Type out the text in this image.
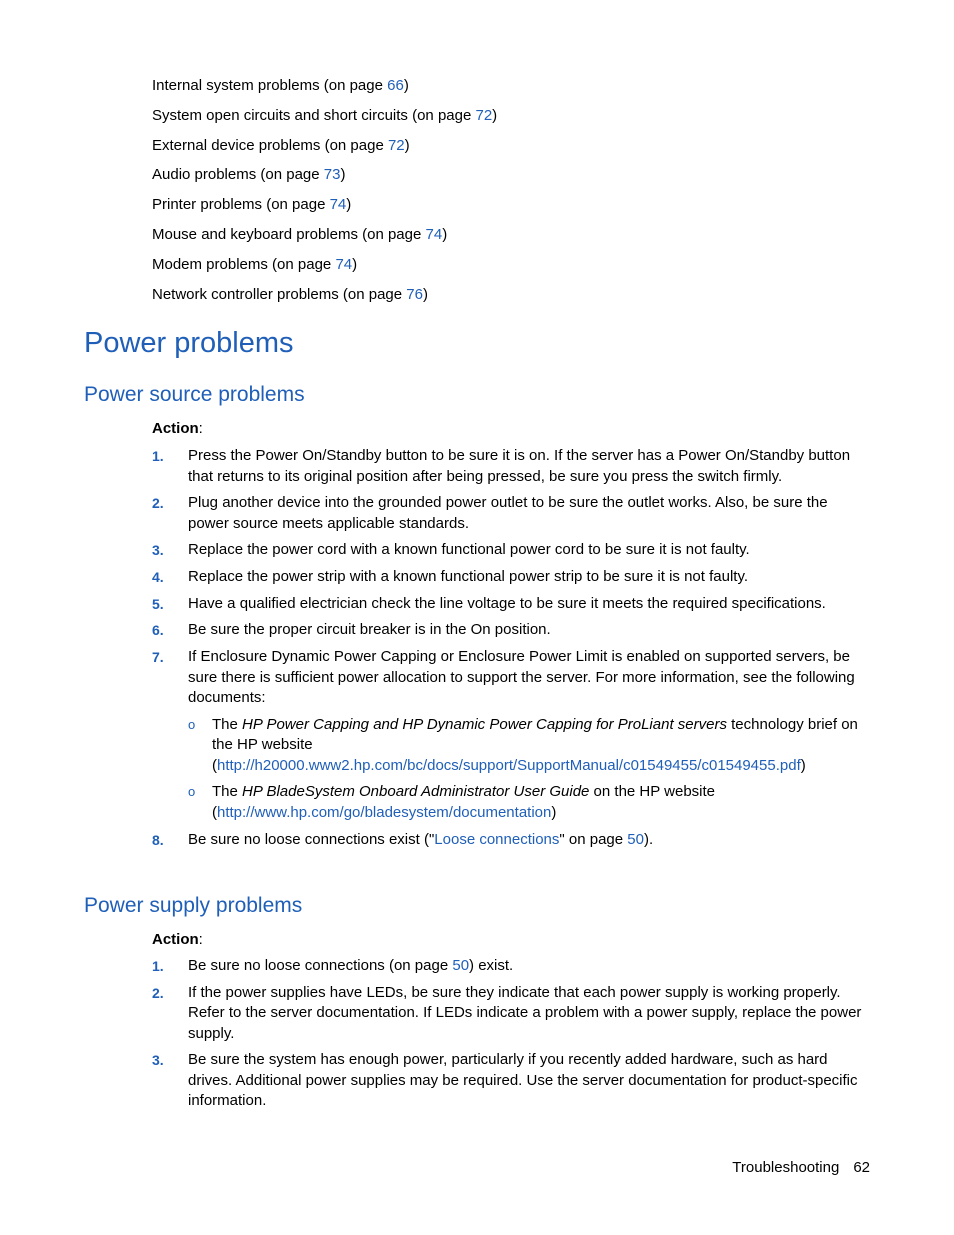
Internal system problems (on page 66)
System open circuits and short circuits (on page 72)
External device problems (on page 72)
Audio problems (on page 73)
Printer problems (on page 74)
Mouse and keyboard problems (on page 74)
Modem problems (on page 74)
Network controller problems (on page 76)
Power problems
Power source problems
Action:
1. Press the Power On/Standby button to be sure it is on. If the server has a Power On/Standby button that returns to its original position after being pressed, be sure you press the switch firmly.
2. Plug another device into the grounded power outlet to be sure the outlet works. Also, be sure the power source meets applicable standards.
3. Replace the power cord with a known functional power cord to be sure it is not faulty.
4. Replace the power strip with a known functional power strip to be sure it is not faulty.
5. Have a qualified electrician check the line voltage to be sure it meets the required specifications.
6. Be sure the proper circuit breaker is in the On position.
7. If Enclosure Dynamic Power Capping or Enclosure Power Limit is enabled on supported servers, be sure there is sufficient power allocation to support the server. For more information, see the following documents:
o The HP Power Capping and HP Dynamic Power Capping for ProLiant servers technology brief on the HP website
(http://h20000.www2.hp.com/bc/docs/support/SupportManual/c01549455/c01549455.pdf)
o The HP BladeSystem Onboard Administrator User Guide on the HP website
(http://www.hp.com/go/bladesystem/documentation)
8. Be sure no loose connections exist ("Loose connections" on page 50).
Power supply problems
Action:
1. Be sure no loose connections (on page 50) exist.
2. If the power supplies have LEDs, be sure they indicate that each power supply is working properly. Refer to the server documentation. If LEDs indicate a problem with a power supply, replace the power supply.
3. Be sure the system has enough power, particularly if you recently added hardware, such as hard drives. Additional power supplies may be required. Use the server documentation for product-specific information.
Troubleshooting 62
